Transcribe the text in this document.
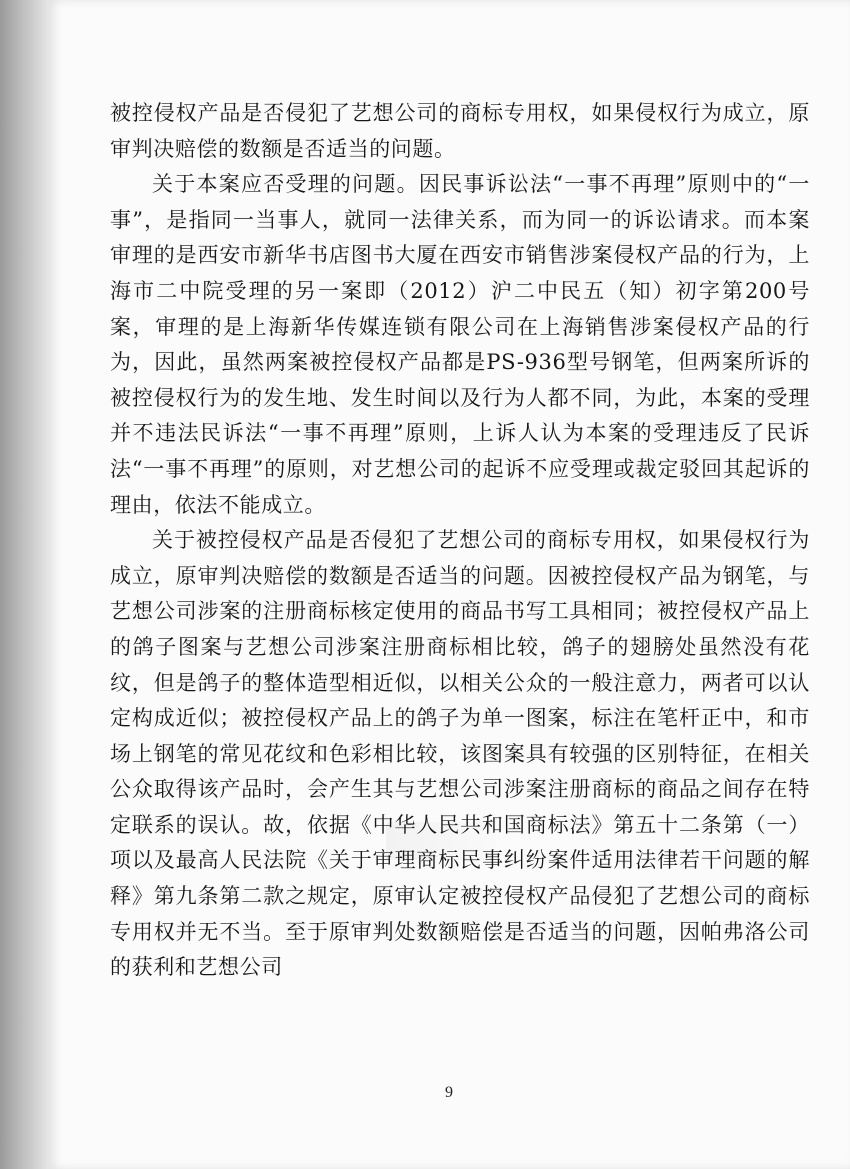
被控侵权产品是否侵犯了艺想公司的商标专用权，如果侵权行为成立，原审判决赔偿的数额是否适当的问题。

关于本案应否受理的问题。因民事诉讼法“一事不再理”原则中的“一事”，是指同一当事人，就同一法律关系，而为同一的诉讼请求。而本案审理的是西安市新华书店图书大厦在西安市销售涉案侵权产品的行为，上海市二中院受理的另一案即（2012）沪二中民五（知）初字第200号案，审理的是上海新华传媒连锁有限公司在上海销售涉案侵权产品的行为，因此，虽然两案被控侵权产品都是PS-936型号钢笔，但两案所诉的被控侵权行为的发生地、发生时间以及行为人都不同，为此，本案的受理并不违法民诉法“一事不再理”原则，上诉人认为本案的受理违反了民诉法“一事不再理”的原则，对艺想公司的起诉不应受理或裁定驳回其起诉的理由，依法不能成立。

关于被控侵权产品是否侵犯了艺想公司的商标专用权，如果侵权行为成立，原审判决赔偿的数额是否适当的问题。因被控侵权产品为钢笔，与艺想公司涉案的注册商标核定使用的商品书写工具相同；被控侵权产品上的鸽子图案与艺想公司涉案注册商标相比较，鸽子的翅膀处虽然没有花纹，但是鸽子的整体造型相近似，以相关公众的一般注意力，两者可以认定构成近似；被控侵权产品上的鸽子为单一图案，标注在笔杆正中，和市场上钢笔的常见花纹和色彩相比较，该图案具有较强的区别特征，在相关公众取得该产品时，会产生其与艺想公司涉案注册商标的商品之间存在特定联系的误认。故，依据《中华人民共和国商标法》第五十二条第（一）项以及最高人民法院《关于审理商标民事纠纷案件适用法律若干问题的解释》第九条第二款之规定，原审认定被控侵权产品侵犯了艺想公司的商标专用权并无不当。至于原审判处数额赔偿是否适当的问题，因帕弗洛公司的获利和艺想公司

9
